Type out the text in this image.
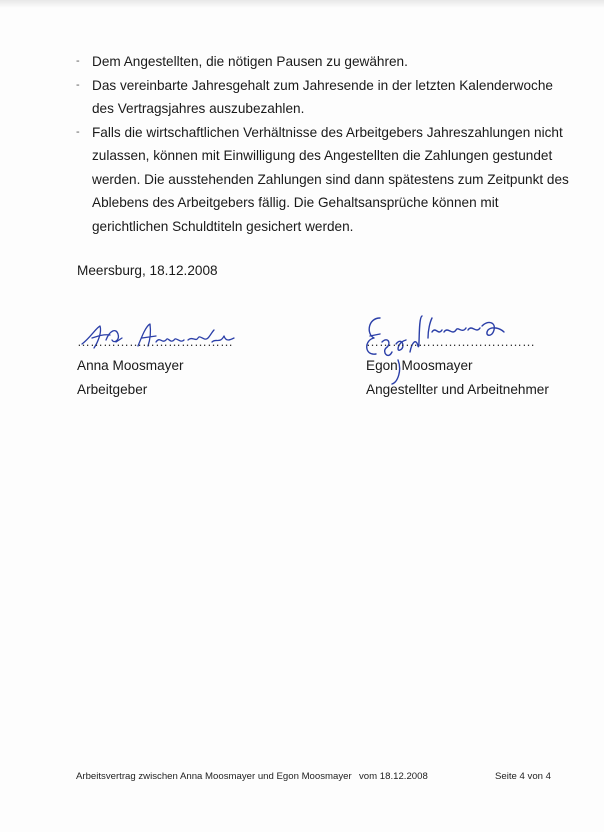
- Dem Angestellten, die nötigen Pausen zu gewähren.
- Das vereinbarte Jahresgehalt zum Jahresende in der letzten Kalenderwoche des Vertragsjahres auszubezahlen.
- Falls die wirtschaftlichen Verhältnisse des Arbeitgebers Jahreszahlungen nicht zulassen, können mit Einwilligung des Angestellten die Zahlungen gestundet werden. Die ausstehenden Zahlungen sind dann spätestens zum Zeitpunkt des Ablebens des Arbeitgebers fällig. Die Gehaltsansprüche können mit gerichtlichen Schuldtiteln gesichert werden.
Meersburg, 18.12.2008
………………………………
Anna Moosmayer
Arbeitgeber
…………………………………
Egon Moosmayer
Angestellter und Arbeitnehmer
Arbeitsvertrag zwischen Anna Moosmayer und Egon Moosmayer vom 18.12.2008	Seite 4 von 4
